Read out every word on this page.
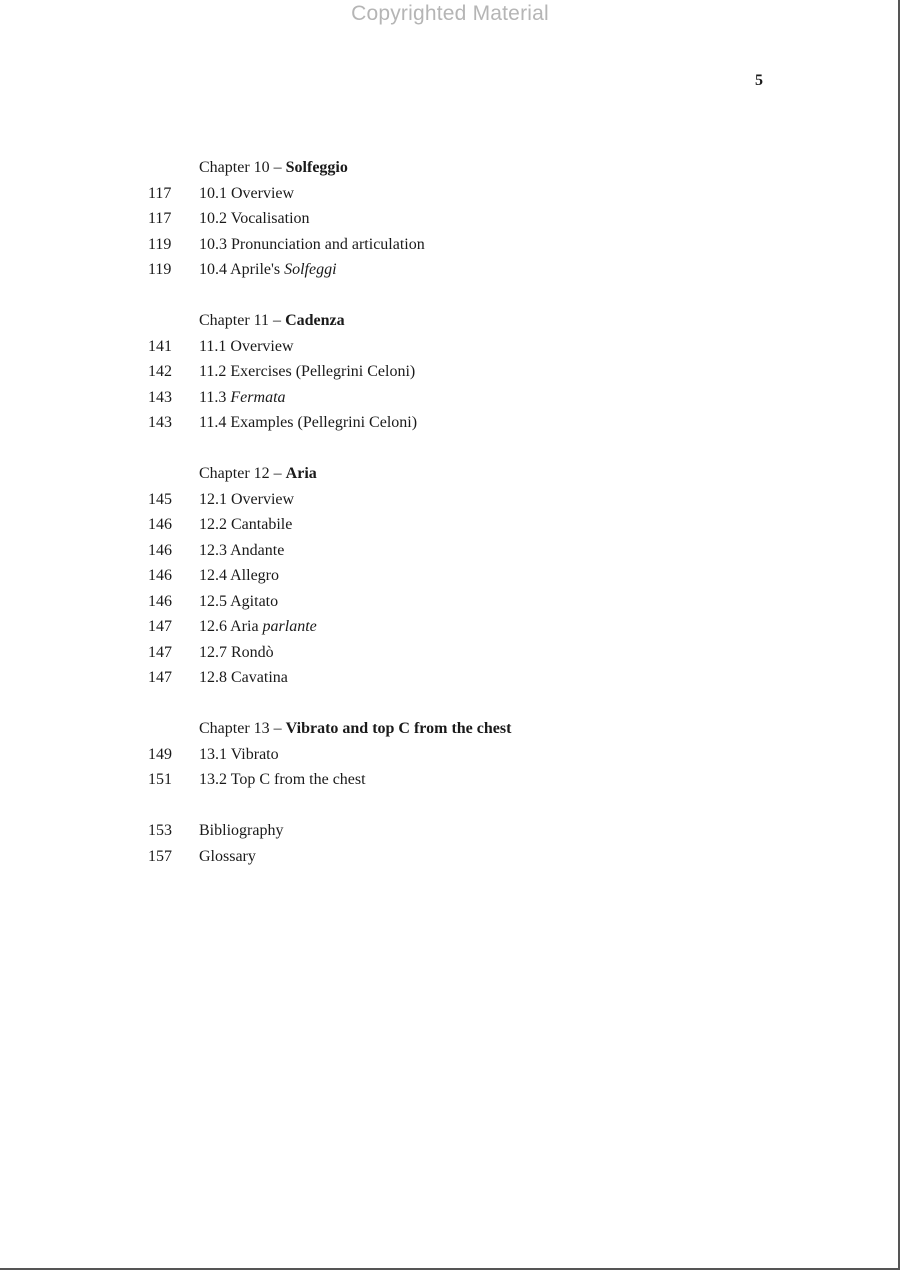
Copyrighted Material
5
Chapter 10 – Solfeggio
117 10.1 Overview
117 10.2 Vocalisation
119 10.3 Pronunciation and articulation
119 10.4 Aprile's Solfeggi
Chapter 11 – Cadenza
141 11.1 Overview
142 11.2 Exercises (Pellegrini Celoni)
143 11.3 Fermata
143 11.4 Examples (Pellegrini Celoni)
Chapter 12 – Aria
145 12.1 Overview
146 12.2 Cantabile
146 12.3 Andante
146 12.4 Allegro
146 12.5 Agitato
147 12.6 Aria parlante
147 12.7 Rondò
147 12.8 Cavatina
Chapter 13 – Vibrato and top C from the chest
149 13.1 Vibrato
151 13.2 Top C from the chest
153 Bibliography
157 Glossary
